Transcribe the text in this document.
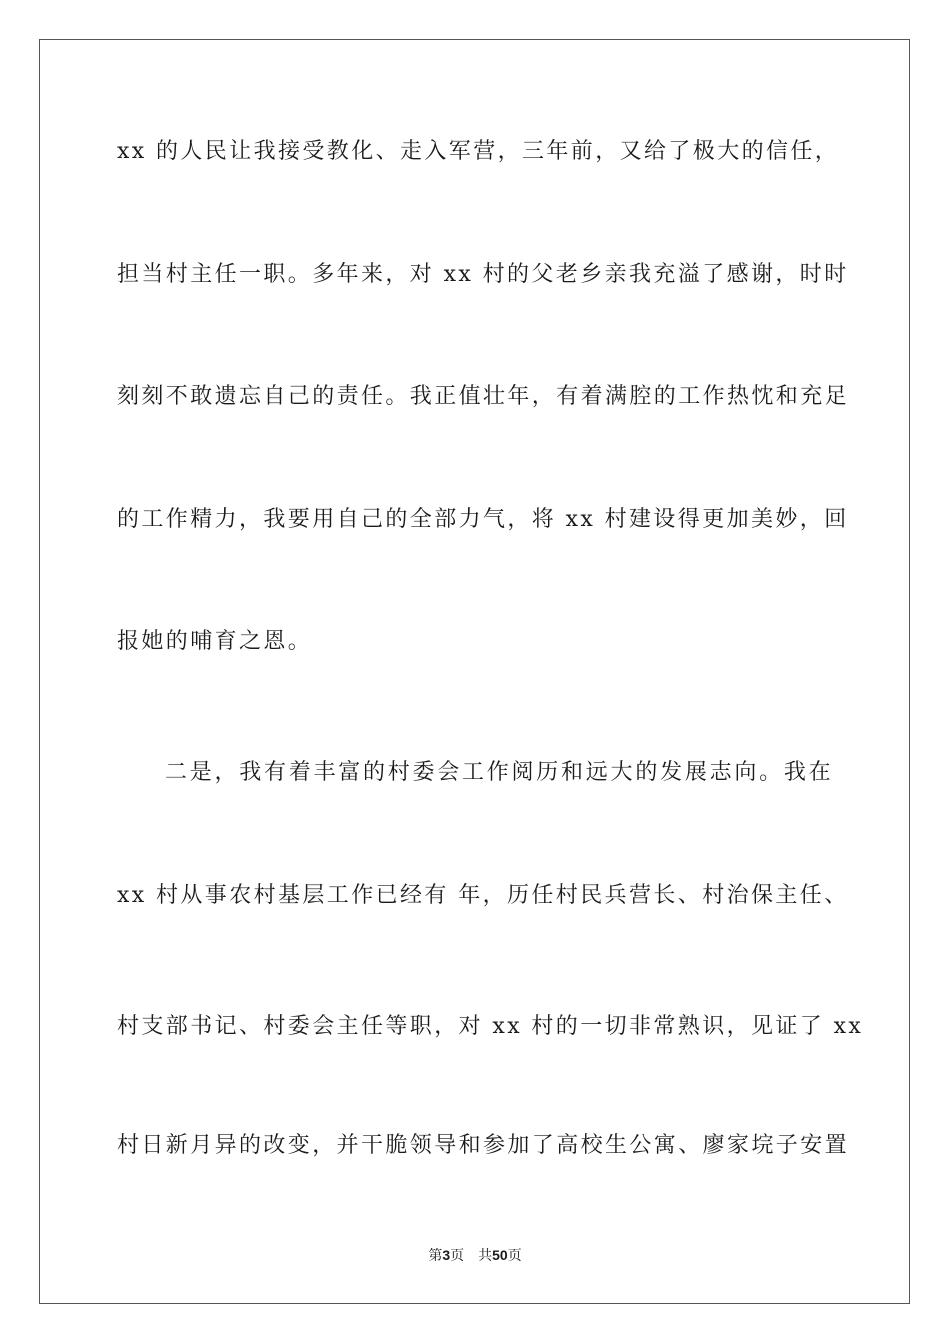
xx 的人民让我接受教化、走入军营，三年前，又给了极大的信任，
担当村主任一职。多年来，对 xx 村的父老乡亲我充溢了感谢，时时
刻刻不敢遗忘自己的责任。我正值壮年，有着满腔的工作热忱和充足
的工作精力，我要用自己的全部力气，将 xx 村建设得更加美妙，回
报她的哺育之恩。
二是，我有着丰富的村委会工作阅历和远大的发展志向。我在
xx 村从事农村基层工作已经有 年，历任村民兵营长、村治保主任、
村支部书记、村委会主任等职，对 xx 村的一切非常熟识，见证了 xx
村日新月异的改变，并干脆领导和参加了高校生公寓、廖家垸子安置
第3页 共50页
